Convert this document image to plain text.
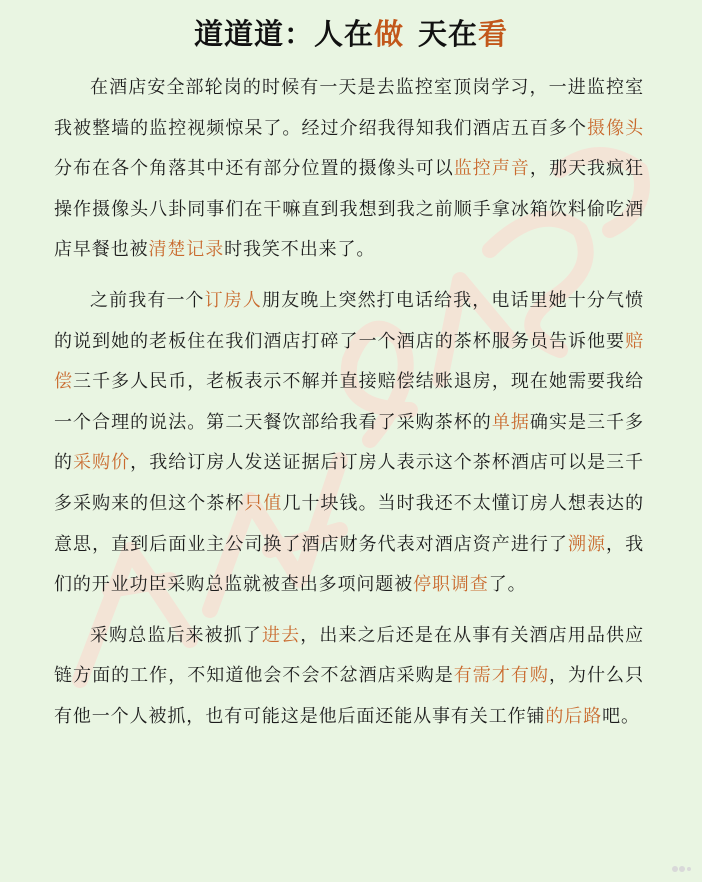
道道道：人在做 天在看

在酒店安全部轮岗的时候有一天是去监控室顶岗学习，一进监控室我被整墙的监控视频惊呆了。经过介绍我得知我们酒店五百多个摄像头分布在各个角落其中还有部分位置的摄像头可以监控声音，那天我疯狂操作摄像头八卦同事们在干嘛直到我想到我之前顺手拿冰箱饮料偷吃酒店早餐也被清楚记录时我笑不出来了。

之前我有一个订房人朋友晚上突然打电话给我，电话里她十分气愤的说到她的老板住在我们酒店打碎了一个酒店的茶杯服务员告诉他要赔偿三千多人民币，老板表示不解并直接赔偿结账退房，现在她需要我给一个合理的说法。第二天餐饮部给我看了采购茶杯的单据确实是三千多的采购价，我给订房人发送证据后订房人表示这个茶杯酒店可以是三千多采购来的但这个茶杯只值几十块钱。当时我还不太懂订房人想表达的意思，直到后面业主公司换了酒店财务代表对酒店资产进行了溯源，我们的开业功臣采购总监就被查出多项问题被停职调查了。

采购总监后来被抓了进去，出来之后还是在从事有关酒店用品供应链方面的工作，不知道他会不会不忿酒店采购是有需才有购，为什么只有他一个人被抓，也有可能这是他后面还能从事有关工作铺的后路吧。
